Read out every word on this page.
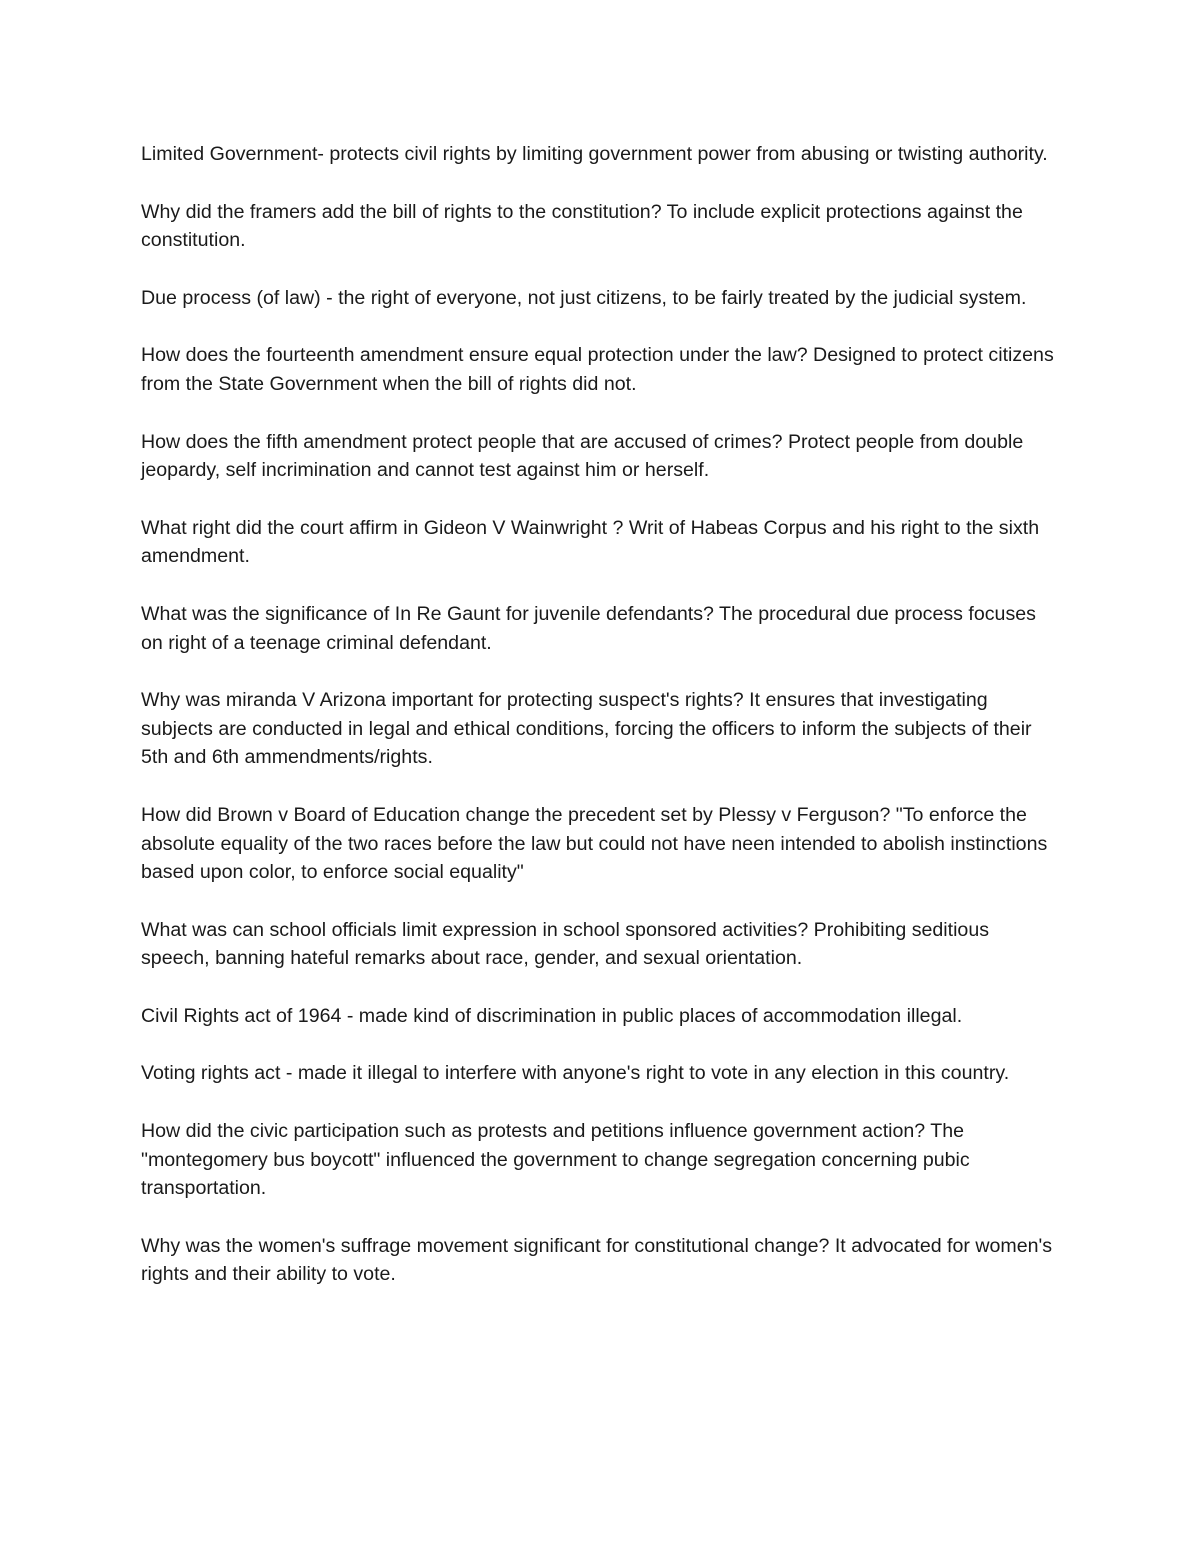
Limited Government- protects civil rights by limiting government power from abusing or twisting authority.

Why did the framers add the bill of rights to the constitution? To include explicit protections against the constitution.

Due process (of law) - the right of everyone, not just citizens, to be fairly treated by the judicial system.

How does the fourteenth amendment ensure equal protection under the law? Designed to protect citizens from the State Government when the bill of rights did not.

How does the fifth amendment protect people that are accused of crimes? Protect people from double jeopardy, self incrimination and cannot test against him or herself.

What right did the court affirm in Gideon V Wainwright ? Writ of Habeas Corpus and his right to the sixth amendment.

What was the significance of In Re Gaunt for juvenile defendants? The procedural due process focuses on right of a teenage criminal defendant.

Why was miranda V Arizona important for protecting suspect's rights? It ensures that investigating subjects are conducted in legal and ethical conditions, forcing the officers to inform the subjects of their 5th and 6th ammendments/rights.

How did Brown v Board of Education change the precedent set by Plessy v Ferguson? "To enforce the absolute equality of the two races before the law but could not have neen intended to abolish instinctions based upon color, to enforce social equality"

What was can school officials limit expression in school sponsored activities? Prohibiting seditious speech, banning hateful remarks about race, gender, and sexual orientation.

Civil Rights act of 1964 - made kind of discrimination in public places of accommodation illegal.

Voting rights act - made it illegal to interfere with anyone's right to vote in any election in this country.

How did the civic participation such as protests and petitions influence government action? The "montegomery bus boycott" influenced the government to change segregation concerning pubic transportation.

Why was the women's suffrage movement significant for constitutional change? It advocated for women's rights and their ability to vote.
